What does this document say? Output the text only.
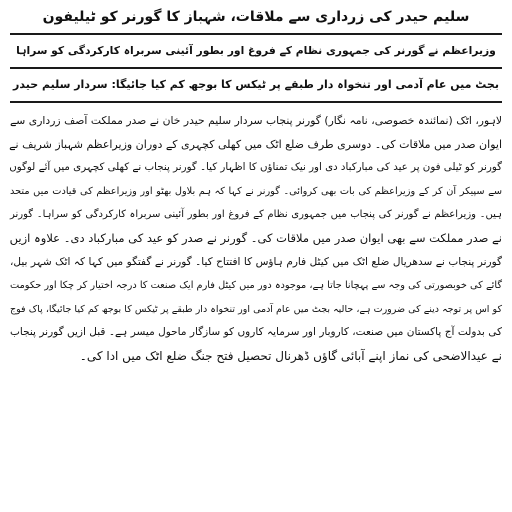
سلیم حیدر کی زرداری سے ملاقات، شہباز کا گورنر کو ٹیلیفون
وزیراعظم نے گورنر کی جمہوری نظام کے فروغ اور بطور آئینی سربراہ کارکردگی کو سراہا
بجٹ میں عام آدمی اور تنخواہ دار طبقے پر ٹیکس کا بوجھ کم کیا جائیگا: سردار سلیم حیدر
لاہور، اٹک (نمائندہ خصوصی، نامہ نگار) گورنر پنجاب سردار سلیم حیدر خان نے صدر مملکت آصف زرداری سے
ایوان صدر میں ملاقات کی۔ دوسری طرف ضلع اٹک میں کھلی کچہری کے دوران وزیراعظم شہباز شریف نے
گورنر کو ٹیلی فون پر عید کی مبارکباد دی اور نیک تمناؤں کا اظہار کیا۔ گورنر پنجاب نے کھلی کچہری میں آئے لوگوں
سے سپیکر آن کر کے وزیراعظم کی بات بھی کروائی۔ گورنر نے کہا کہ ہم بلاول بھٹو اور وزیراعظم کی قیادت میں متحد
ہیں۔ وزیراعظم نے گورنر کی پنجاب میں جمہوری نظام کے فروغ اور بطور آئینی سربراہ کارکردگی کو سراہا۔ گورنر
نے صدر مملکت سے بھی ایوان صدر میں ملاقات کی۔ گورنر نے صدر کو عید کی مبارکباد دی۔ علاوہ ازیں
گورنر پنجاب نے سدھریال ضلع اٹک میں کیٹل فارم ہاؤس کا افتتاح کیا۔ گورنر نے گفتگو میں کہا کہ اٹک شہر بیل،
گائے کی خوبصورتی کی وجہ سے پہچانا جاتا ہے، موجودہ دور میں کیٹل فارم ایک صنعت کا درجہ اختیار کر چکا اور حکومت
کو اس پر توجہ دینے کی ضرورت ہے، حالیہ بجٹ میں عام آدمی اور تنخواہ دار طبقے پر ٹیکس کا بوجھ کم کیا جائیگا، پاک فوج
کی بدولت آج پاکستان میں صنعت، کاروبار اور سرمایہ کاروں کو سازگار ماحول میسر ہے۔ قبل ازیں گورنر پنجاب
نے عیدالاضحی کی نماز اپنے آبائی گاؤں ڈھرنال تحصیل فتح جنگ ضلع اٹک میں ادا کی۔
